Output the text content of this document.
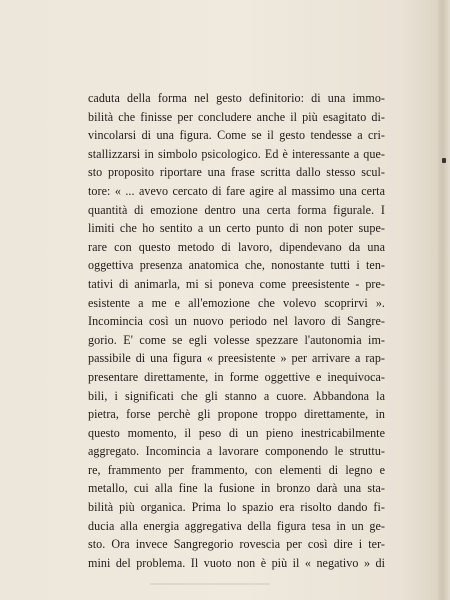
caduta della forma nel gesto definitorio: di una immo-
bilità che finisse per concludere anche il più esagitato di-
vincolarsi di una figura. Come se il gesto tendesse a cri-
stallizzarsi in simbolo psicologico. Ed è interessante a que-
sto proposito riportare una frase scritta dallo stesso scul-
tore: « ... avevo cercato di fare agire al massimo una certa
quantità di emozione dentro una certa forma figurale. I
limiti che ho sentito a un certo punto di non poter supe-
rare con questo metodo di lavoro, dipendevano da una
oggettiva presenza anatomica che, nonostante tutti i ten-
tativi di animarla, mi si poneva come preesistente - pre-
esistente a me e all'emozione che volevo scoprirvi ».
Incomincia così un nuovo periodo nel lavoro di Sangre-
gorio. E' come se egli volesse spezzare l'autonomia im-
passibile di una figura « preesistente » per arrivare a rap-
presentare direttamente, in forme oggettive e inequivoca-
bili, i significati che gli stanno a cuore. Abbandona la
pietra, forse perchè gli propone troppo direttamente, in
questo momento, il peso di un pieno inestricabilmente
aggregato. Incomincia a lavorare componendo le struttu-
re, frammento per frammento, con elementi di legno e
metallo, cui alla fine la fusione in bronzo darà una sta-
bilità più organica. Prima lo spazio era risolto dando fi-
ducia alla energia aggregativa della figura tesa in un ge-
sto. Ora invece Sangregorio rovescia per così dire i ter-
mini del problema. Il vuoto non è più il « negativo » di
